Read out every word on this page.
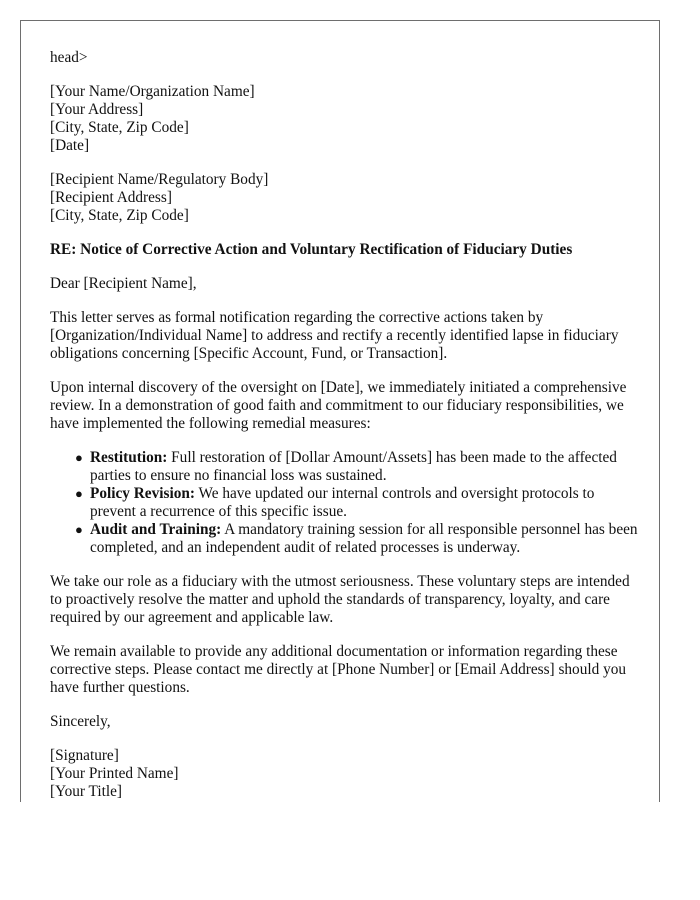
head>
[Your Name/Organization Name]
[Your Address]
[City, State, Zip Code]
[Date]
[Recipient Name/Regulatory Body]
[Recipient Address]
[City, State, Zip Code]
RE: Notice of Corrective Action and Voluntary Rectification of Fiduciary Duties
Dear [Recipient Name],

This letter serves as formal notification regarding the corrective actions taken by [Organization/Individual Name] to address and rectify a recently identified lapse in fiduciary obligations concerning [Specific Account, Fund, or Transaction].

Upon internal discovery of the oversight on [Date], we immediately initiated a comprehensive review. In a demonstration of good faith and commitment to our fiduciary responsibilities, we have implemented the following remedial measures:

● Restitution: Full restoration of [Dollar Amount/Assets] has been made to the affected parties to ensure no financial loss was sustained.
● Policy Revision: We have updated our internal controls and oversight protocols to prevent a recurrence of this specific issue.
● Audit and Training: A mandatory training session for all responsible personnel has been completed, and an independent audit of related processes is underway.

We take our role as a fiduciary with the utmost seriousness. These voluntary steps are intended to proactively resolve the matter and uphold the standards of transparency, loyalty, and care required by our agreement and applicable law.

We remain available to provide any additional documentation or information regarding these corrective steps. Please contact me directly at [Phone Number] or [Email Address] should you have further questions.

Sincerely,
[Signature]
[Your Printed Name]
[Your Title]
